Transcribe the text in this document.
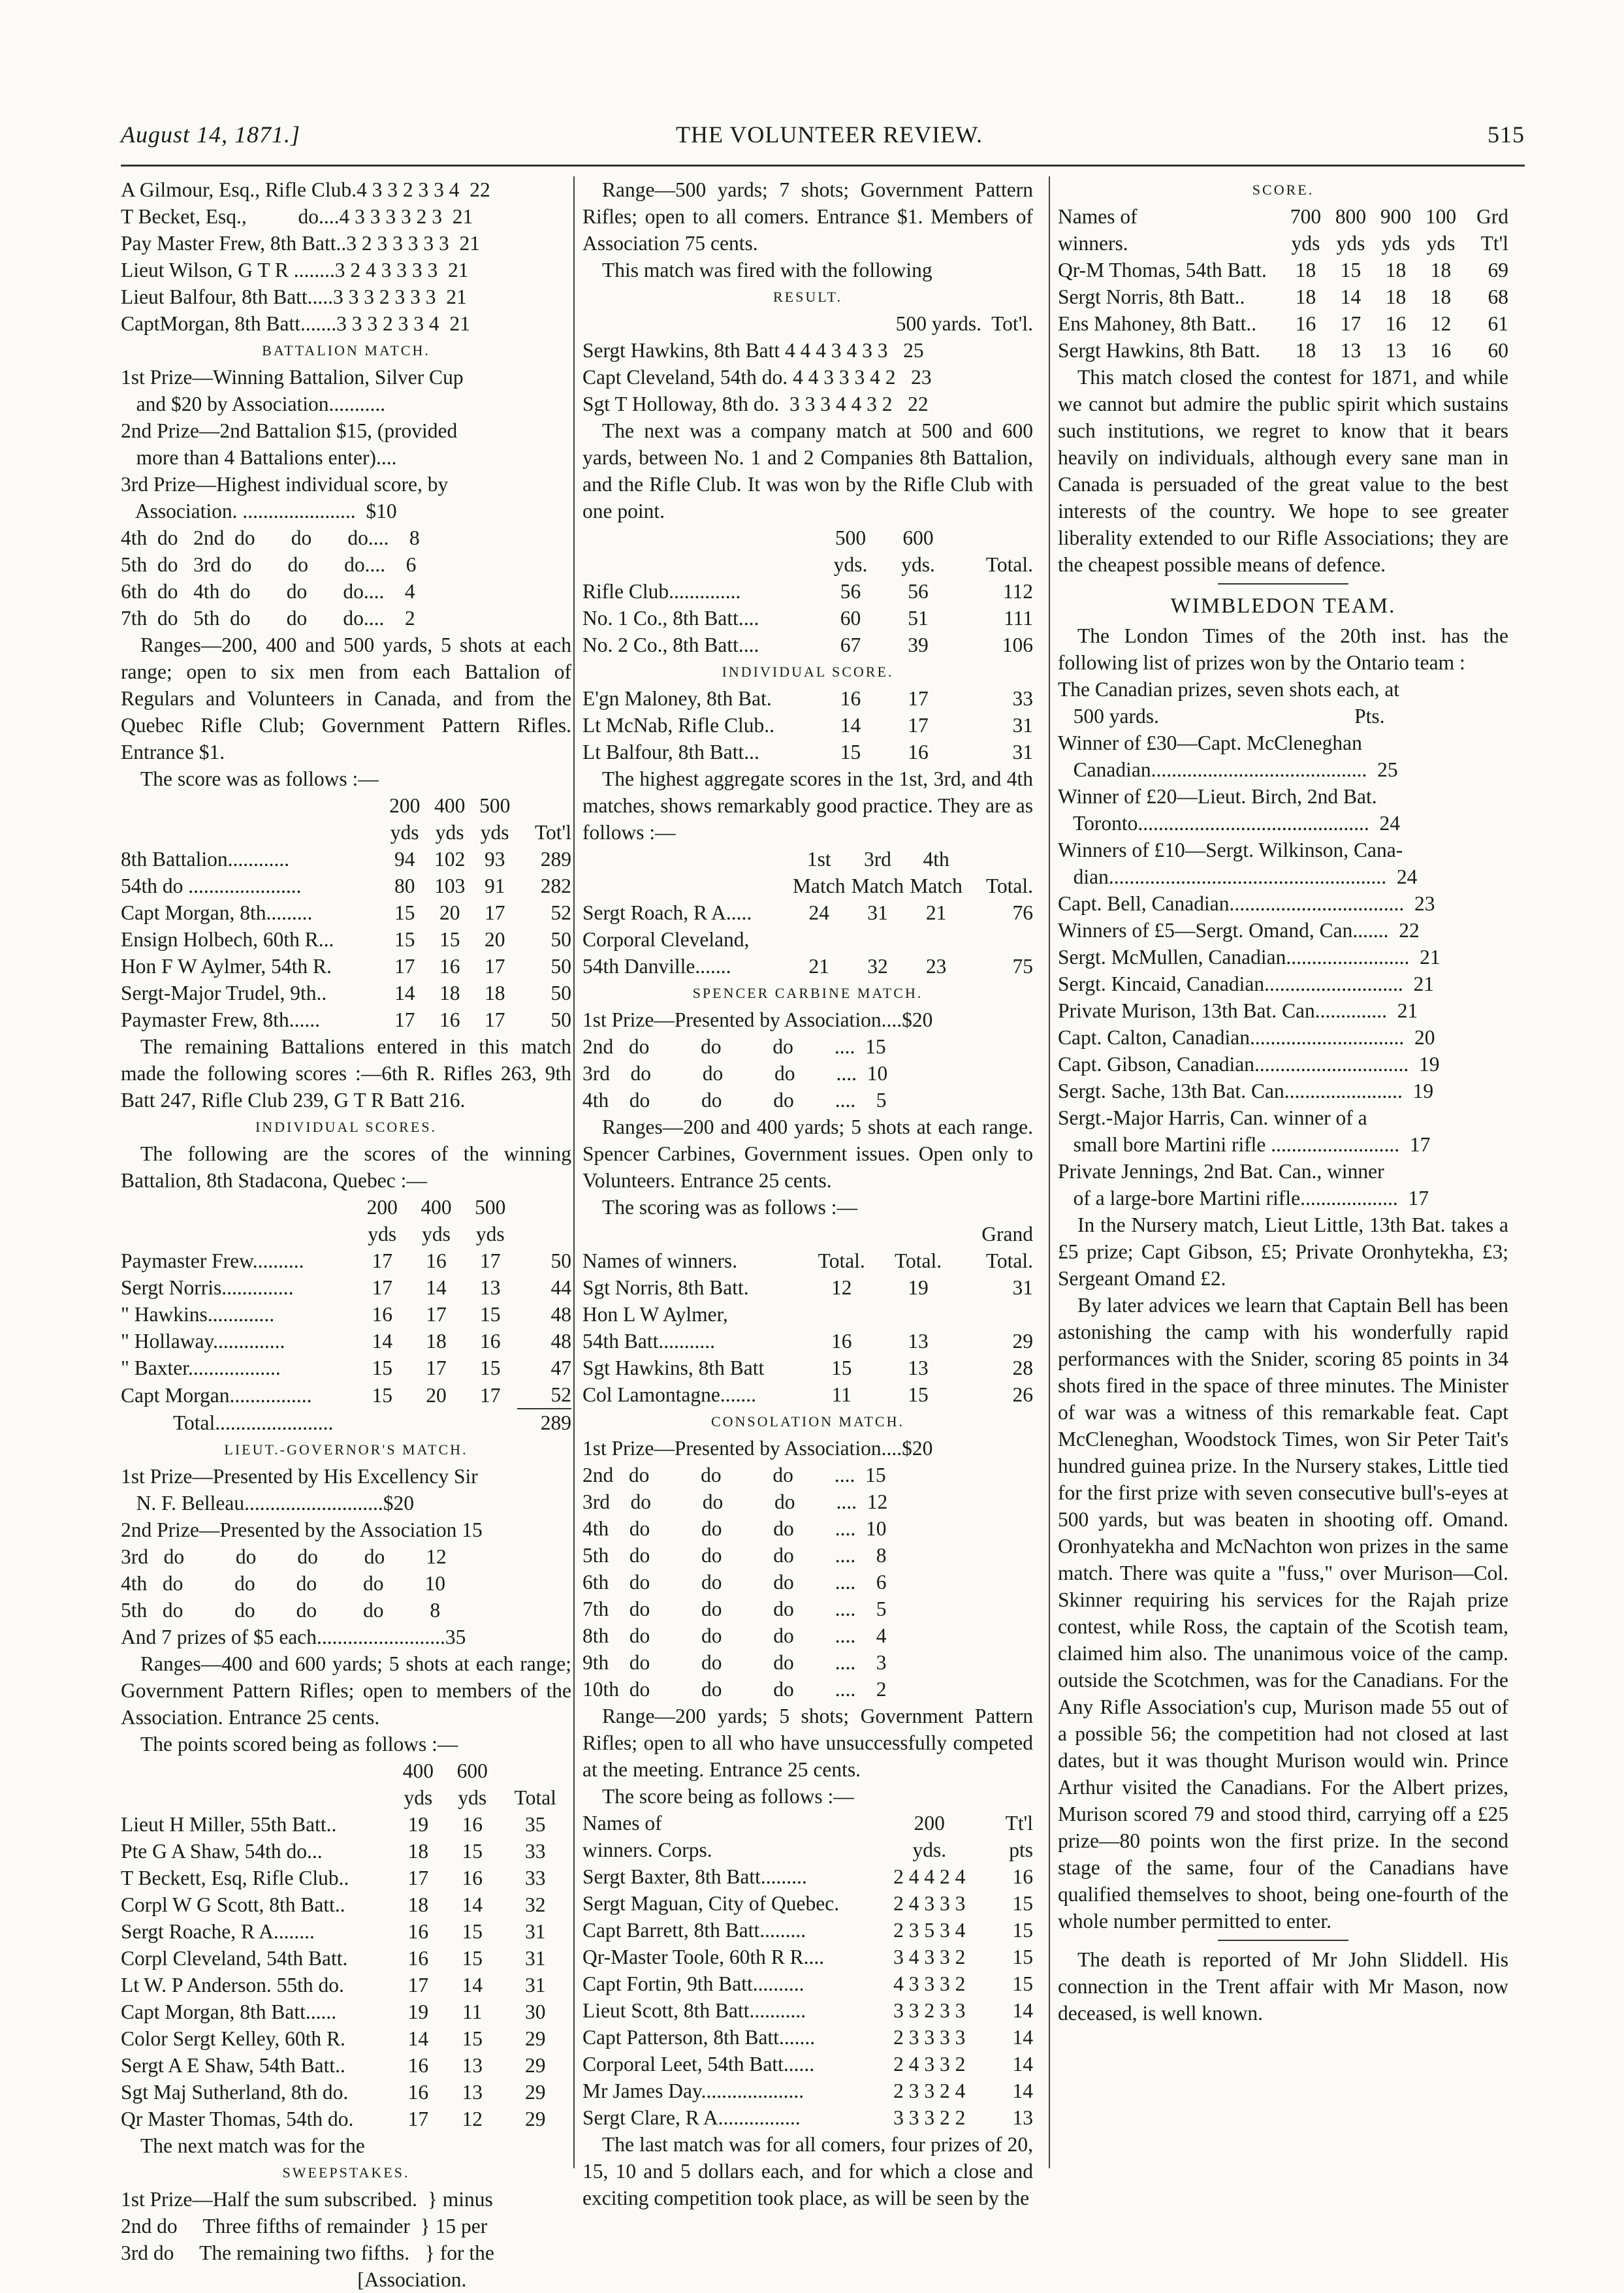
August 14, 1871.]	THE VOLUNTEER REVIEW.	515
A Gilmour, Esq., Rifle Club.4 3 3 2 3 3 4  22
T Becket, Esq.,          do....4 3 3 3 3 2 3  21
Pay Master Frew, 8th Batt..3 2 3 3 3 3 3  21
Lieut Wilson, G T R ........3 2 4 3 3 3 3  21
Lieut Balfour, 8th Batt.....3 3 3 2 3 3 3  21
CaptMorgan, 8th Batt.......3 3 3 2 3 3 4  21
BATTALION MATCH.
1st Prize—Winning Battalion, Silver Cup
and $20 by Association...........
2nd Prize—2nd Battalion $15, (provided
more than 4 Battalions enter)....
3rd Prize—Highest individual score, by
Association. ......................  $10
4th  do   2nd  do       do       do....    8
5th  do   3rd  do       do       do....    6
6th  do   4th  do       do       do....    4
7th  do   5th  do       do       do....    2
Ranges—200, 400 and 500 yards, 5 shots at each range; open to six men from each Battalion of Regulars and Volunteers in Canada, and from the Quebec Rifle Club; Government Pattern Rifles. Entrance $1.
The score was as follows :—
	200	400	500	
	yds	yds	yds	Tot'l
8th Battalion............	94	102	93	289
54th do ......................	80	103	91	282
Capt Morgan, 8th.........	15	20	17	52
Ensign Holbech, 60th R...	15	15	20	50
Hon F W Aylmer, 54th R.	17	16	17	50
Sergt-Major Trudel, 9th..	14	18	18	50
Paymaster Frew, 8th......	17	16	17	50
The remaining Battalions entered in this match made the following scores :—6th R. Rifles 263, 9th Batt 247, Rifle Club 239, G T R Batt 216.
INDIVIDUAL SCORES.
The following are the scores of the winning Battalion, 8th Stadacona, Quebec :—
	200	400	500	
	yds	yds	yds	
Paymaster Frew..........	17	16	17	50
Sergt Norris..............	17	14	13	44
" Hawkins.............	16	17	15	48
" Hollaway..............	14	18	16	48
" Baxter..................	15	17	15	47
Capt Morgan................	15	20	17	52
Total.......................				289
LIEUT.-GOVERNOR'S MATCH.
1st Prize—Presented by His Excellency Sir
N. F. Belleau...........................$20
2nd Prize—Presented by the Association 15
3rd   do          do        do         do        12
4th   do          do        do         do        10
5th   do          do        do         do         8
And 7 prizes of $5 each.........................35
Ranges—400 and 600 yards; 5 shots at each range; Government Pattern Rifles; open to members of the Association. Entrance 25 cents.
The points scored being as follows :—
	400	600	
	yds	yds	Total
Lieut H Miller, 55th Batt..	19	16	35
Pte G A Shaw, 54th do...	18	15	33
T Beckett, Esq, Rifle Club..	17	16	33
Corpl W G Scott, 8th Batt..	18	14	32
Sergt Roache, R A........	16	15	31
Corpl Cleveland, 54th Batt.	16	15	31
Lt W. P Anderson. 55th do.	17	14	31
Capt Morgan, 8th Batt......	19	11	30
Color Sergt Kelley, 60th R.	14	15	29
Sergt A E Shaw, 54th Batt..	16	13	29
Sgt Maj Sutherland, 8th do.	16	13	29
Qr Master Thomas, 54th do.	17	12	29
The next match was for the
SWEEPSTAKES.
1st Prize—Half the sum subscribed.  } minus
2nd do     Three fifths of remainder  } 15 per
3rd do     The remaining two fifths.   } for the
[Association.
Range—500 yards; 7 shots; Government Pattern Rifles; open to all comers. Entrance $1. Members of Association 75 cents.
This match was fired with the following
RESULT.
500 yards.  Tot'l.
Sergt Hawkins, 8th Batt 4 4 4 3 4 3 3   25
Capt Cleveland, 54th do. 4 4 3 3 3 4 2   23
Sgt T Holloway, 8th do.  3 3 3 4 4 3 2   22
The next was a company match at 500 and 600 yards, between No. 1 and 2 Companies 8th Battalion, and the Rifle Club. It was won by the Rifle Club with one point.
	500	600	
	yds.	yds.	Total.
Rifle Club..............	56	56	112
No. 1 Co., 8th Batt....	60	51	111
No. 2 Co., 8th Batt....	67	39	106
INDIVIDUAL SCORE.
E'gn Maloney, 8th Bat.	16	17	33
Lt McNab, Rifle Club..	14	17	31
Lt Balfour, 8th Batt...	15	16	31
The highest aggregate scores in the 1st, 3rd, and 4th matches, shows remarkably good practice. They are as follows :—
	1st	3rd	4th	
	Match	Match	Match	Total.
Sergt Roach, R A.....	24	31	21	76
Corporal Cleveland,				
54th Danville.......	21	32	23	75
SPENCER CARBINE MATCH.
1st Prize—Presented by Association....$20
2nd   do          do          do        ....  15
3rd    do          do          do        ....  10
4th    do          do          do        ....    5
Ranges—200 and 400 yards; 5 shots at each range. Spencer Carbines, Government issues. Open only to Volunteers. Entrance 25 cents.
The scoring was as follows :—
			Grand
Names of winners.	Total.	Total.	Total.
Sgt Norris, 8th Batt.	12	19	31
Hon L W Aylmer,			
54th Batt...........	16	13	29
Sgt Hawkins, 8th Batt	15	13	28
Col Lamontagne.......	11	15	26
CONSOLATION MATCH.
1st Prize—Presented by Association....$20
2nd   do          do          do        ....  15
3rd    do          do          do        ....  12
4th    do          do          do        ....  10
5th    do          do          do        ....    8
6th    do          do          do        ....    6
7th    do          do          do        ....    5
8th    do          do          do        ....    4
9th    do          do          do        ....    3
10th  do          do          do        ....    2
Range—200 yards; 5 shots; Government Pattern Rifles; open to all who have unsuccessfully competed at the meeting. Entrance 25 cents.
The score being as follows :—
Names of	200	Tt'l
winners. Corps.	yds.	pts
Sergt Baxter, 8th Batt.........	2 4 4 2 4	16
Sergt Maguan, City of Quebec.	2 4 3 3 3	15
Capt Barrett, 8th Batt.........	2 3 5 3 4	15
Qr-Master Toole, 60th R R....	3 4 3 3 2	15
Capt Fortin, 9th Batt..........	4 3 3 3 2	15
Lieut Scott, 8th Batt...........	3 3 2 3 3	14
Capt Patterson, 8th Batt.......	2 3 3 3 3	14
Corporal Leet, 54th Batt......	2 4 3 3 2	14
Mr James Day....................	2 3 3 2 4	14
Sergt Clare, R A................	3 3 3 2 2	13
The last match was for all comers, four prizes of 20, 15, 10 and 5 dollars each, and for which a close and exciting competition took place, as will be seen by the
SCORE.
Names of		700	800	900	100	Grd
winners.		yds	yds	yds	yds	Tt'l
Qr-M Thomas, 54th Batt.		18	15	18	18	69
Sergt Norris, 8th Batt..		18	14	18	18	68
Ens Mahoney, 8th Batt..		16	17	16	12	61
Sergt Hawkins, 8th Batt.		18	13	13	16	60
This match closed the contest for 1871, and while we cannot but admire the public spirit which sustains such institutions, we regret to know that it bears heavily on individuals, although every sane man in Canada is persuaded of the great value to the best interests of the country. We hope to see greater liberality extended to our Rifle Associations; they are the cheapest possible means of defence.
WIMBLEDON TEAM.
The London Times of the 20th inst. has the following list of prizes won by the Ontario team :
The Canadian prizes, seven shots each, at
500 yards.                                      Pts.
Winner of £30—Capt. McCleneghan
Canadian..........................................  25
Winner of £20—Lieut. Birch, 2nd Bat.
Toronto.............................................  24
Winners of £10—Sergt. Wilkinson, Cana-
dian......................................................  24
Capt. Bell, Canadian..................................  23
Winners of £5—Sergt. Omand, Can.......  22
Sergt. McMullen, Canadian........................  21
Sergt. Kincaid, Canadian...........................  21
Private Murison, 13th Bat. Can..............  21
Capt. Calton, Canadian..............................  20
Capt. Gibson, Canadian..............................  19
Sergt. Sache, 13th Bat. Can.......................  19
Sergt.-Major Harris, Can. winner of a
small bore Martini rifle .........................  17
Private Jennings, 2nd Bat. Can., winner
of a large-bore Martini rifle...................  17
In the Nursery match, Lieut Little, 13th Bat. takes a £5 prize; Capt Gibson, £5; Private Oronhytekha, £3; Sergeant Omand £2.
By later advices we learn that Captain Bell has been astonishing the camp with his wonderfully rapid performances with the Snider, scoring 85 points in 34 shots fired in the space of three minutes. The Minister of war was a witness of this remarkable feat. Capt McCleneghan, Woodstock Times, won Sir Peter Tait's hundred guinea prize. In the Nursery stakes, Little tied for the first prize with seven consecutive bull's-eyes at 500 yards, but was beaten in shooting off. Omand. Oronhyatekha and McNachton won prizes in the same match. There was quite a "fuss," over Murison—Col. Skinner requiring his services for the Rajah prize contest, while Ross, the captain of the Scotish team, claimed him also. The unanimous voice of the camp. outside the Scotchmen, was for the Canadians. For the Any Rifle Association's cup, Murison made 55 out of a possible 56; the competition had not closed at last dates, but it was thought Murison would win. Prince Arthur visited the Canadians. For the Albert prizes, Murison scored 79 and stood third, carrying off a £25 prize—80 points won the first prize. In the second stage of the same, four of the Canadians have qualified themselves to shoot, being one-fourth of the whole number permitted to enter.
The death is reported of Mr John Sliddell. His connection in the Trent affair with Mr Mason, now deceased, is well known.
